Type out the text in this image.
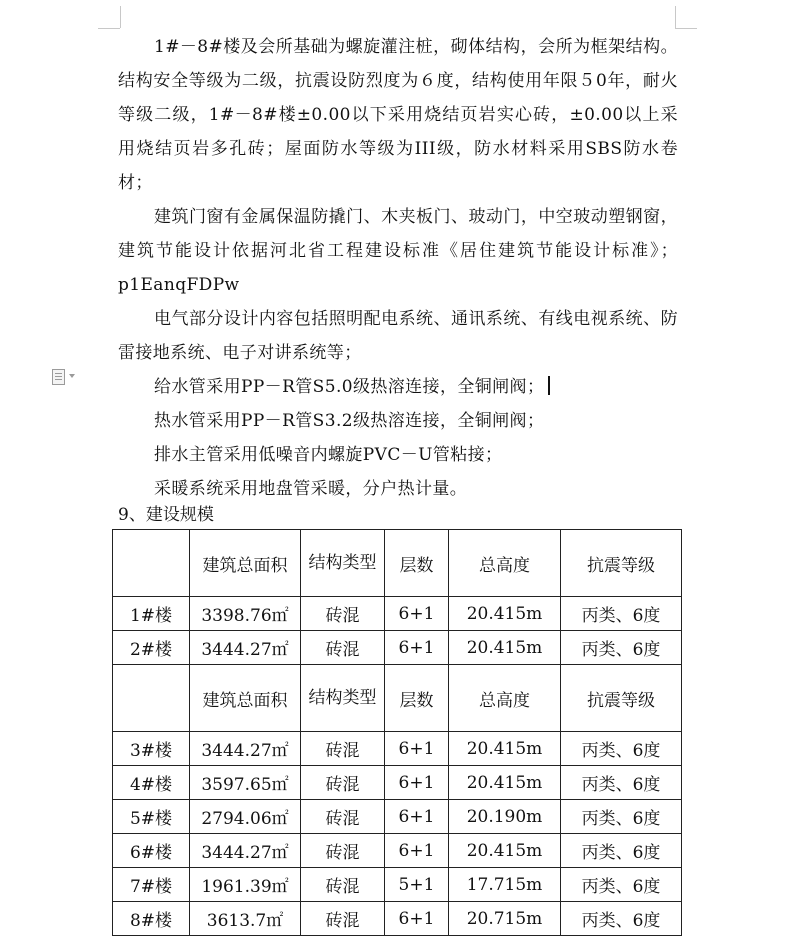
1#－8#楼及会所基础为螺旋灌注桩，砌体结构，会所为框架结构。结构安全等级为二级，抗震设防烈度为６度，结构使用年限５0年，耐火等级二级，1#－8#楼±0.00以下采用烧结页岩实心砖，±0.00以上采用烧结页岩多孔砖；屋面防水等级为III级，防水材料采用SBS防水卷材；

建筑门窗有金属保温防撬门、木夹板门、玻动门，中空玻动塑钢窗，建筑节能设计依据河北省工程建设标准《居住建筑节能设计标准》；p1EanqFDPw

电气部分设计内容包括照明配电系统、通讯系统、有线电视系统、防雷接地系统、电子对讲系统等；

给水管采用PP－R管S5.0级热溶连接，全铜闸阀；

热水管采用PP－R管S3.2级热溶连接，全铜闸阀；

排水主管采用低噪音内螺旋PVC－U管粘接；

采暖系统采用地盘管采暖，分户热计量。

9、建设规模
	建筑总面积	结构类型	层数	总高度	抗震等级
1#楼	3398.76㎡	砖混	6+1	20.415m	丙类、6度
2#楼	3444.27㎡	砖混	6+1	20.415m	丙类、6度
	建筑总面积	结构类型	层数	总高度	抗震等级
3#楼	3444.27㎡	砖混	6+1	20.415m	丙类、6度
4#楼	3597.65㎡	砖混	6+1	20.415m	丙类、6度
5#楼	2794.06㎡	砖混	6+1	20.190m	丙类、6度
6#楼	3444.27㎡	砖混	6+1	20.415m	丙类、6度
7#楼	1961.39㎡	砖混	5+1	17.715m	丙类、6度
8#楼	3613.7㎡	砖混	6+1	20.715m	丙类、6度
